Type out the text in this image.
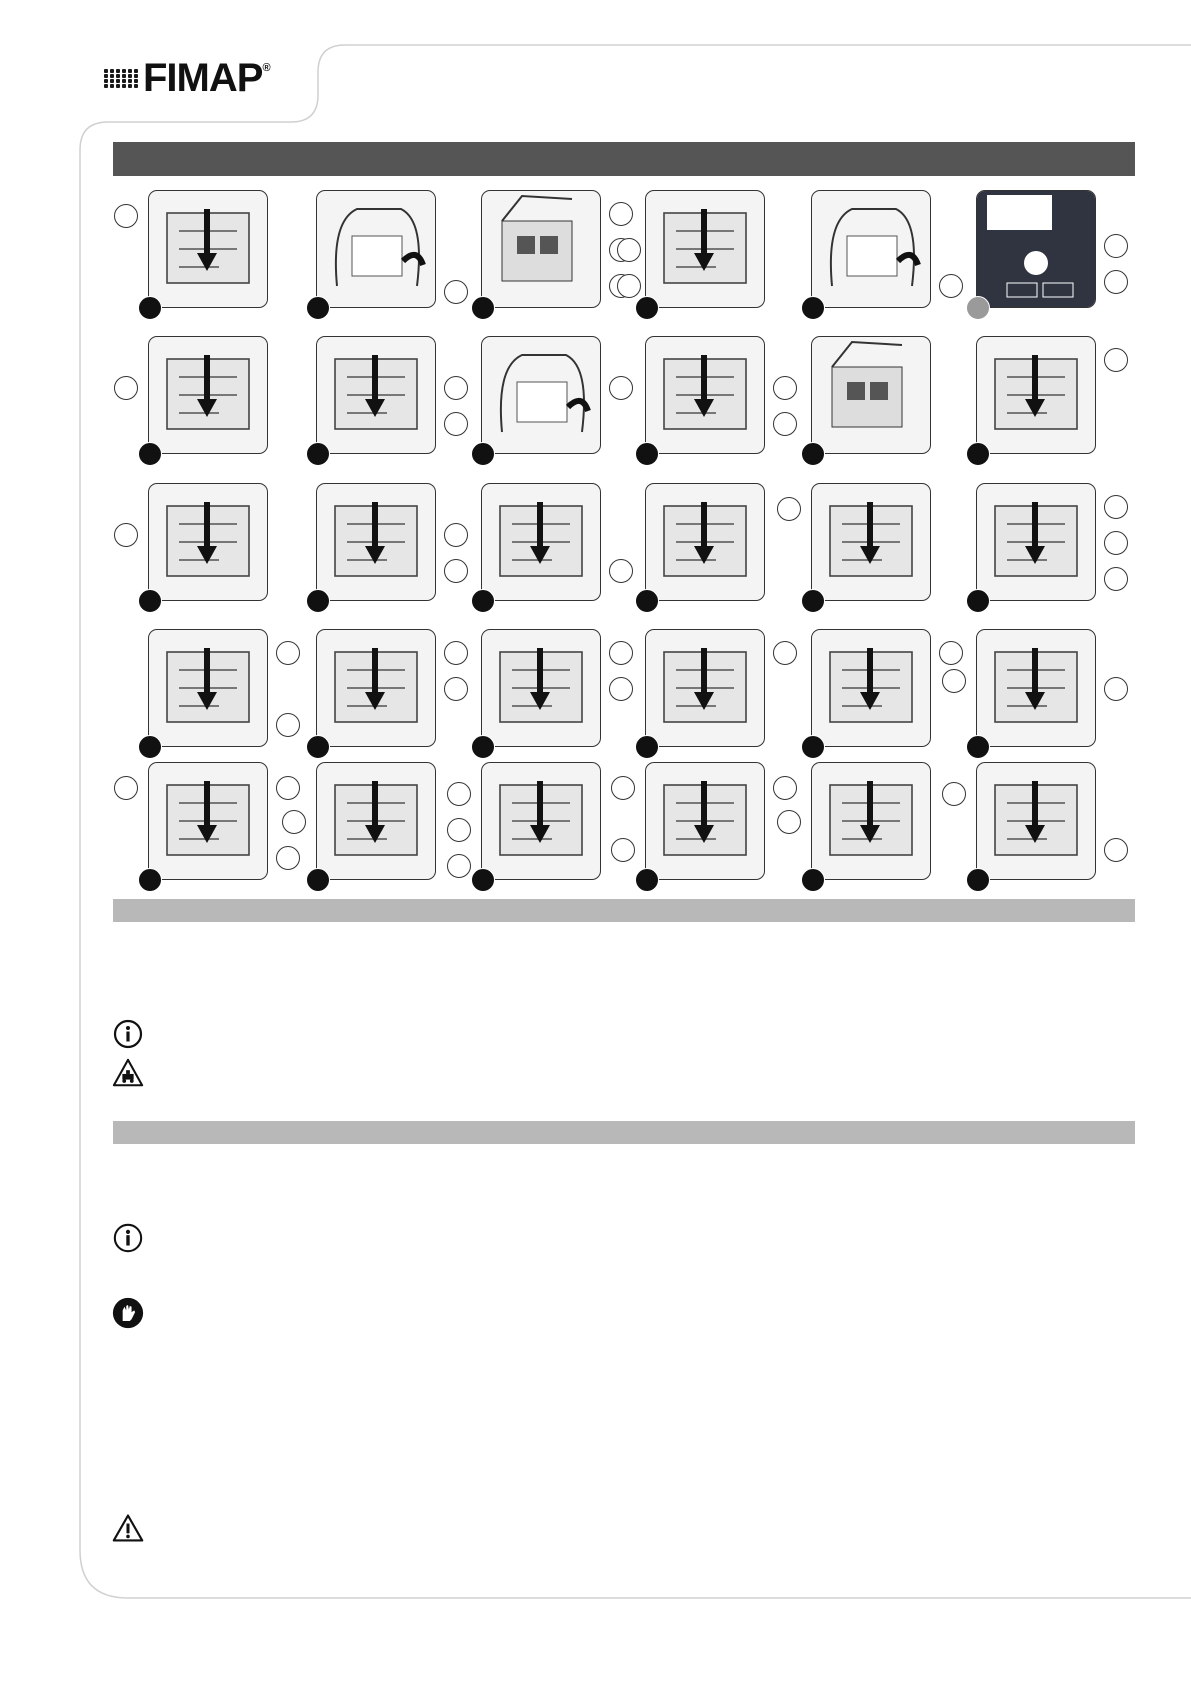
FIMAP ®
